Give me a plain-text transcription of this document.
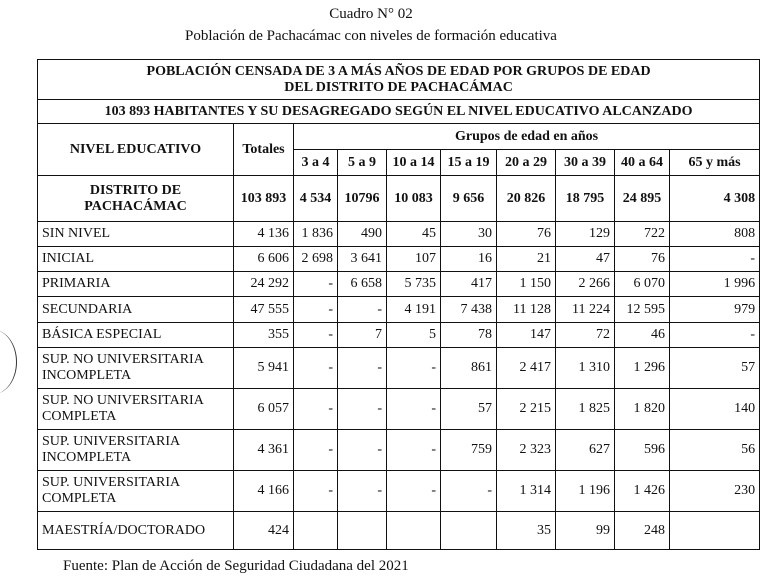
Cuadro N° 02
Población de Pachacámac con niveles de formación educativa
POBLACIÓN CENSADA DE 3 A MÁS AÑOS DE EDAD POR GRUPOS DE EDAD
DEL DISTRITO DE PACHACÁMAC									

103 893 HABITANTES Y SU DESAGREGADO SEGÚN EL NIVEL EDUCATIVO ALCANZADO									
NIVEL EDUCATIVO	Totales	Grupos de edad en años							
		3 a 4	5 a 9	10 a 14	15 a 19	20 a 29	30 a 39	40 a 64	65 y más

DISTRITO DE
PACHACÁMAC	103 893	4 534	10796	10 083	9 656	20 826	18 795	24 895	4 308

SIN NIVEL	4 136	1 836	490	45	30	76	129	722	808

INICIAL	6 606	2 698	3 641	107	16	21	47	76	-

PRIMARIA	24 292	-	6 658	5 735	417	1 150	2 266	6 070	1 996

SECUNDARIA	47 555	-	-	4 191	7 438	11 128	11 224	12 595	979

BÁSICA ESPECIAL	355	-	7	5	78	147	72	46	-

SUP. NO UNIVERSITARIA
INCOMPLETA	5 941	-	-	-	861	2 417	1 310	1 296	57

SUP. NO UNIVERSITARIA
COMPLETA	6 057	-	-	-	57	2 215	1 825	1 820	140

SUP. UNIVERSITARIA
INCOMPLETA	4 361	-	-	-	759	2 323	627	596	56

SUP. UNIVERSITARIA
COMPLETA	4 166	-	-	-	-	1 314	1 196	1 426	230

MAESTRÍA/DOCTORADO	424					35	99	248	
Fuente: Plan de Acción de Seguridad Ciudadana del 2021
